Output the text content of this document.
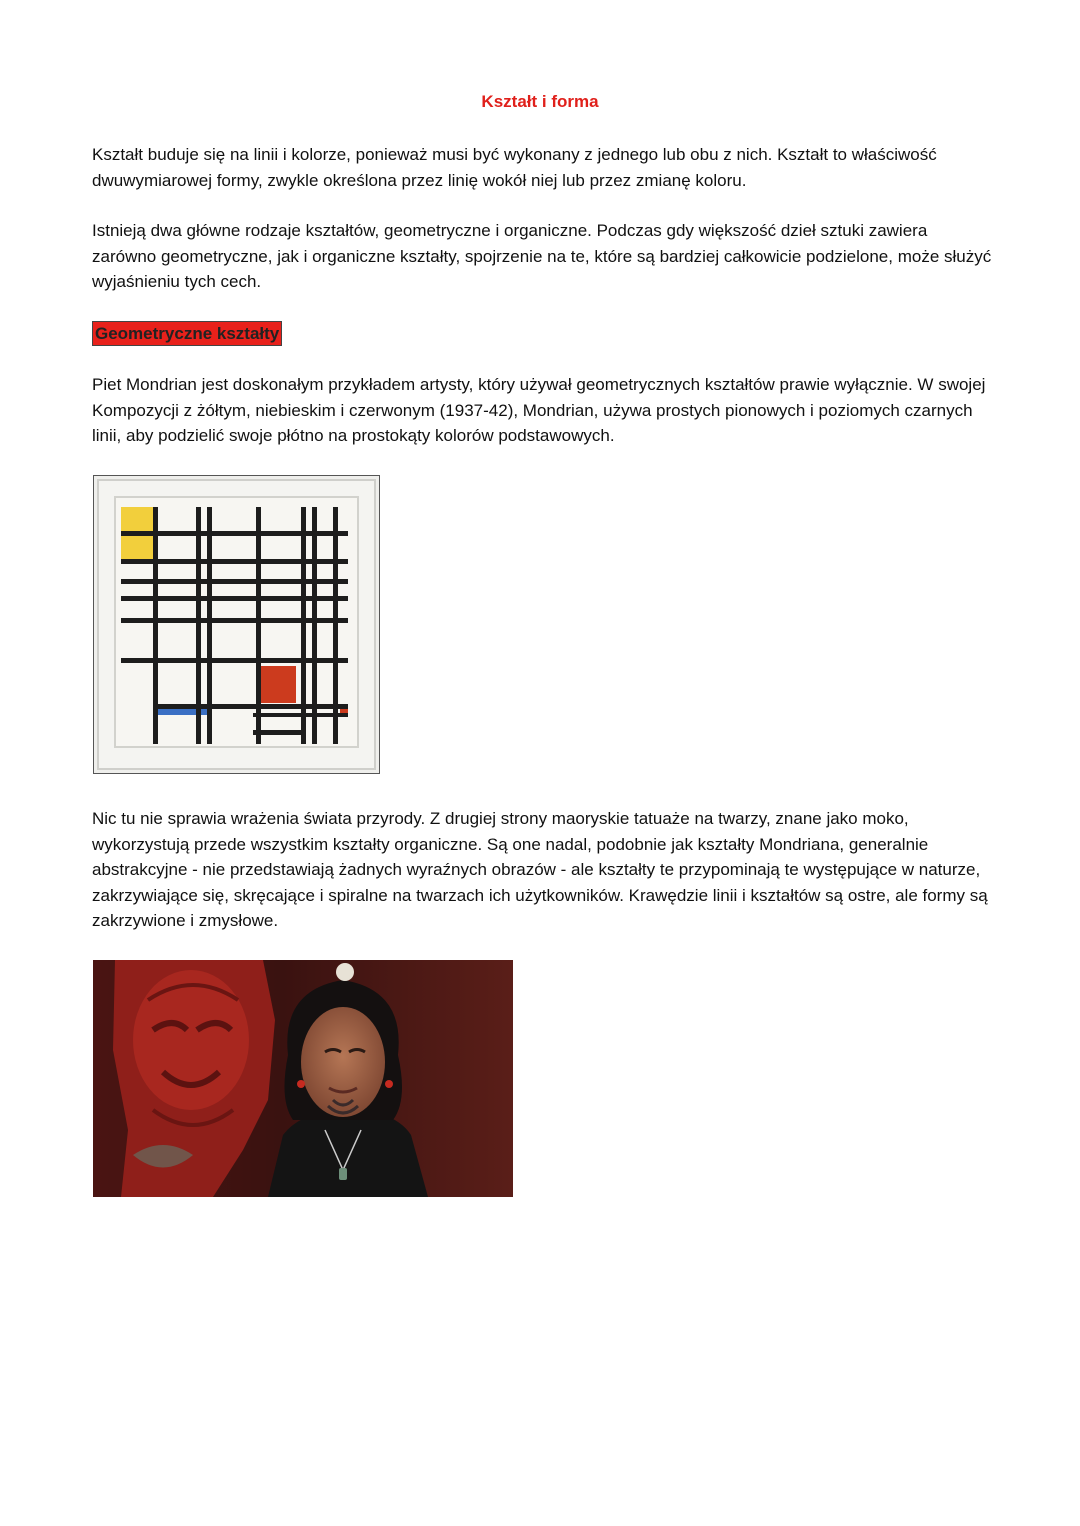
Kształt i forma

Kształt buduje się na linii i kolorze, ponieważ musi być wykonany z jednego lub obu z nich. Kształt to właściwość dwuwymiarowej formy, zwykle określona przez linię wokół niej lub przez zmianę koloru.

Istnieją dwa główne rodzaje kształtów, geometryczne i organiczne. Podczas gdy większość dzieł sztuki zawiera zarówno geometryczne, jak i organiczne kształty, spojrzenie na te, które są bardziej całkowicie podzielone, może służyć wyjaśnieniu tych cech.

Geometryczne kształty

Piet Mondrian jest doskonałym przykładem artysty, który używał geometrycznych kształtów prawie wyłącznie. W swojej Kompozycji z żółtym, niebieskim i czerwonym (1937-42), Mondrian, używa prostych pionowych i poziomych czarnych linii, aby podzielić swoje płótno na prostokąty kolorów podstawowych.

Nic tu nie sprawia wrażenia świata przyrody. Z drugiej strony maoryskie tatuaże na twarzy, znane jako moko, wykorzystują przede wszystkim kształty organiczne. Są one nadal, podobnie jak kształty Mondriana, generalnie abstrakcyjne - nie przedstawiają żadnych wyraźnych obrazów - ale kształty te przypominają te występujące w naturze, zakrzywiające się, skręcające i spiralne na twarzach ich użytkowników. Krawędzie linii i kształtów są ostre, ale formy są zakrzywione i zmysłowe.
